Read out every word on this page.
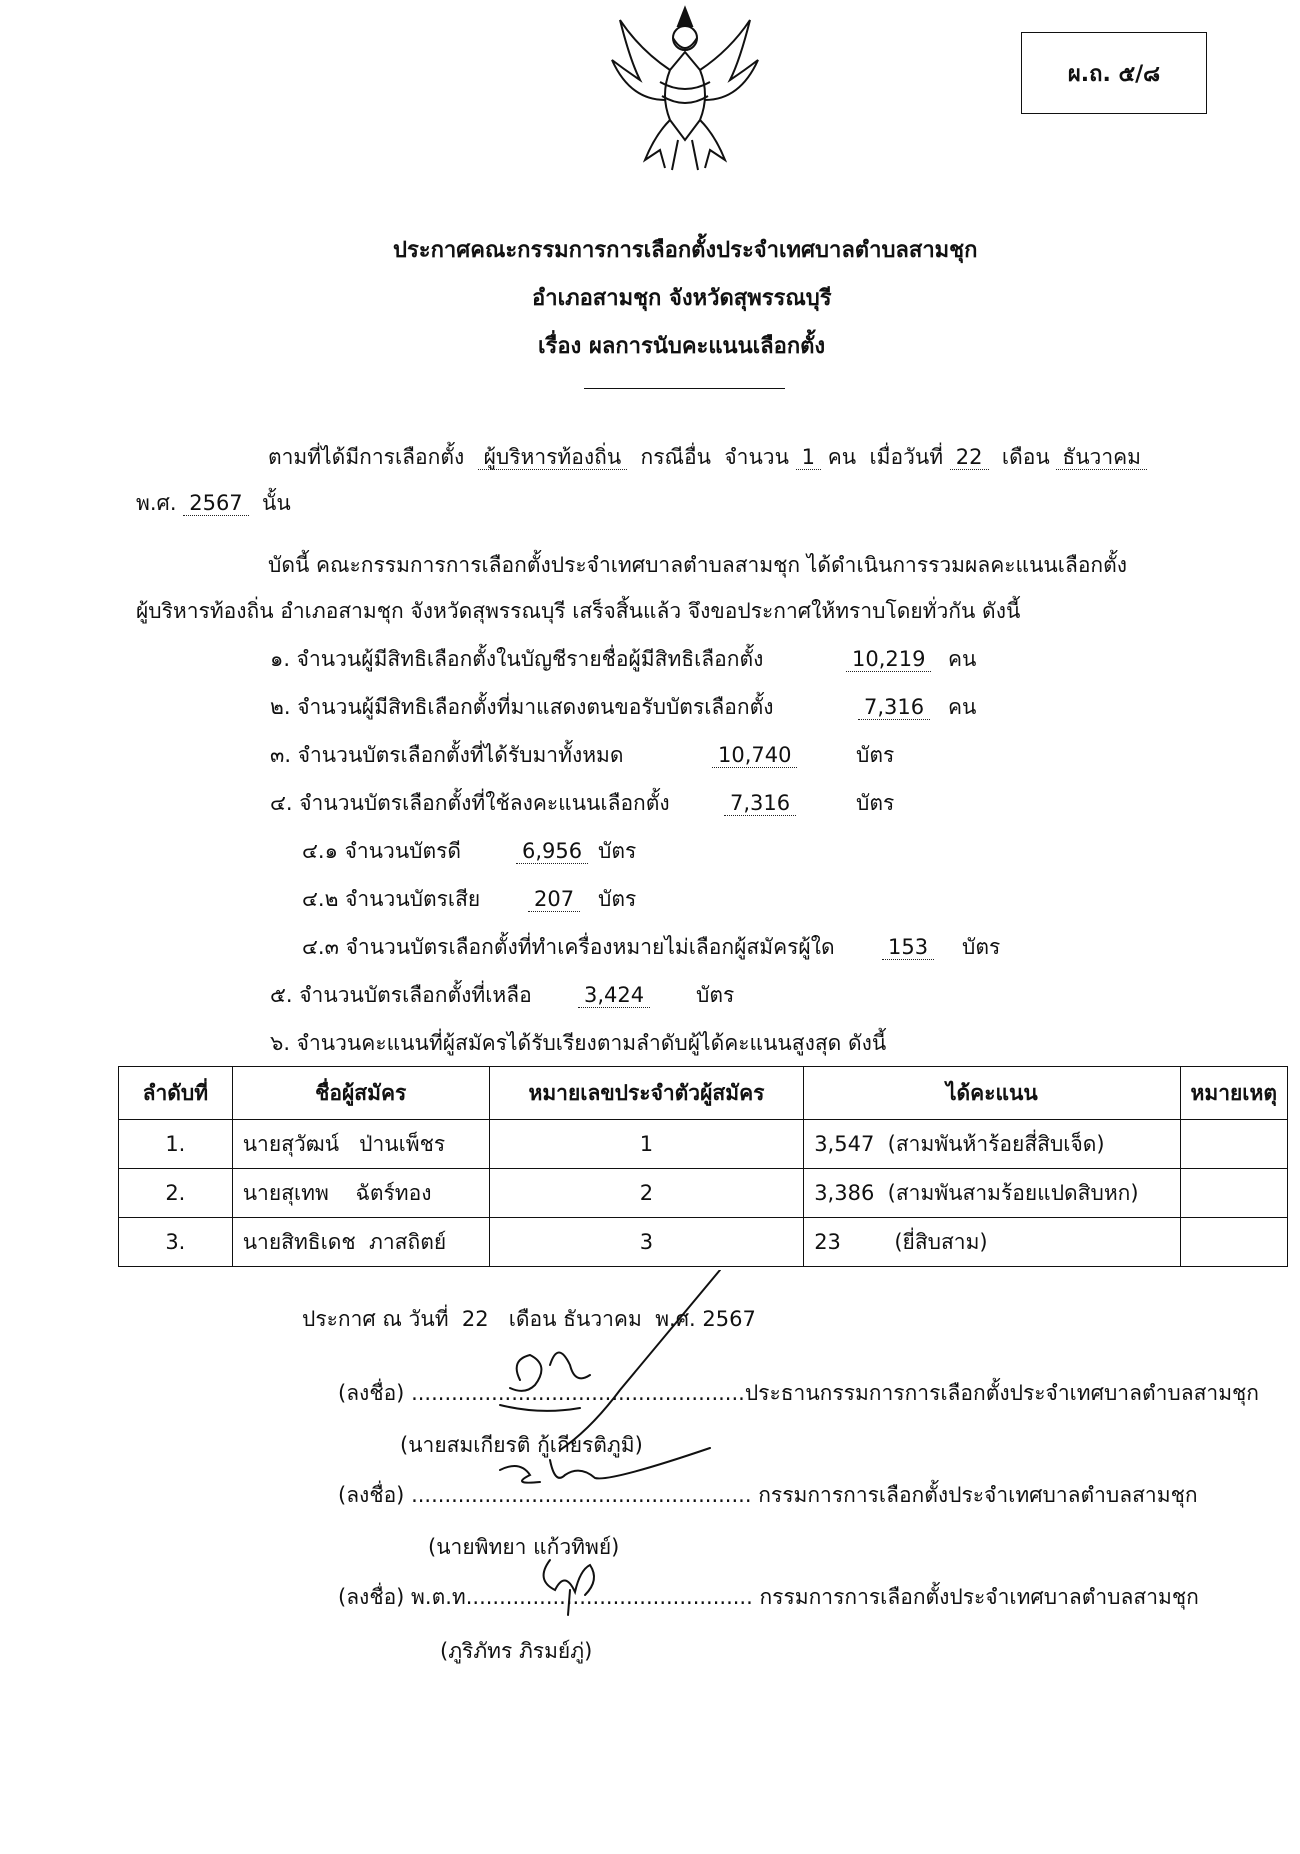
ผ.ถ. ๕/๘
ประกาศคณะกรรมการการเลือกตั้งประจำเทศบาลตำบลสามชุก
อำเภอสามชุก จังหวัดสุพรรณบุรี
เรื่อง ผลการนับคะแนนเลือกตั้ง
ตามที่ได้มีการเลือกตั้ง ผู้บริหารท้องถิ่น กรณีอื่น จำนวน 1 คน เมื่อวันที่ 22 เดือน ธันวาคม
พ.ศ. 2567 นั้น
บัดนี้ คณะกรรมการการเลือกตั้งประจำเทศบาลตำบลสามชุก ได้ดำเนินการรวมผลคะแนนเลือกตั้ง
ผู้บริหารท้องถิ่น อำเภอสามชุก จังหวัดสุพรรณบุรี เสร็จสิ้นแล้ว จึงขอประกาศให้ทราบโดยทั่วกัน ดังนี้
๑. จำนวนผู้มีสิทธิเลือกตั้งในบัญชีรายชื่อผู้มีสิทธิเลือกตั้ง	10,219 คน
๒. จำนวนผู้มีสิทธิเลือกตั้งที่มาแสดงตนขอรับบัตรเลือกตั้ง	7,316 คน
๓. จำนวนบัตรเลือกตั้งที่ได้รับมาทั้งหมด	10,740	บัตร
๔. จำนวนบัตรเลือกตั้งที่ใช้ลงคะแนนเลือกตั้ง	7,316	บัตร
๔.๑ จำนวนบัตรดี	6,956 บัตร
๔.๒ จำนวนบัตรเสีย	207 บัตร
๔.๓ จำนวนบัตรเลือกตั้งที่ทำเครื่องหมายไม่เลือกผู้สมัครผู้ใด	153 บัตร
๕. จำนวนบัตรเลือกตั้งที่เหลือ 3,424 บัตร
๖. จำนวนคะแนนที่ผู้สมัครได้รับเรียงตามลำดับผู้ได้คะแนนสูงสุด ดังนี้
ลำดับที่	ชื่อผู้สมัคร	หมายเลขประจำตัวผู้สมัคร	ได้คะแนน	หมายเหตุ
1.	นายสุวัฒน์ ป่านเพ็ชร	1	3,547 (สามพันห้าร้อยสี่สิบเจ็ด)	
2.	นายสุเทพ ฉัตร์ทอง	2	3,386 (สามพันสามร้อยแปดสิบหก)	
3.	นายสิทธิเดช ภาสถิตย์	3	23 (ยี่สิบสาม)	
ประกาศ ณ วันที่ 22 เดือน ธันวาคม พ.ศ. 2567
(ลงชื่อ) ..................................................ประธานกรรมการการเลือกตั้งประจำเทศบาลตำบลสามชุก
(นายสมเกียรติ กู้เกียรติภูมิ)
(ลงชื่อ) ................................................... กรรมการการเลือกตั้งประจำเทศบาลตำบลสามชุก
(นายพิทยา แก้วทิพย์)
(ลงชื่อ) พ.ต.ท........................................... กรรมการการเลือกตั้งประจำเทศบาลตำบลสามชุก
(ภูริภัทร ภิรมย์ภู่)
